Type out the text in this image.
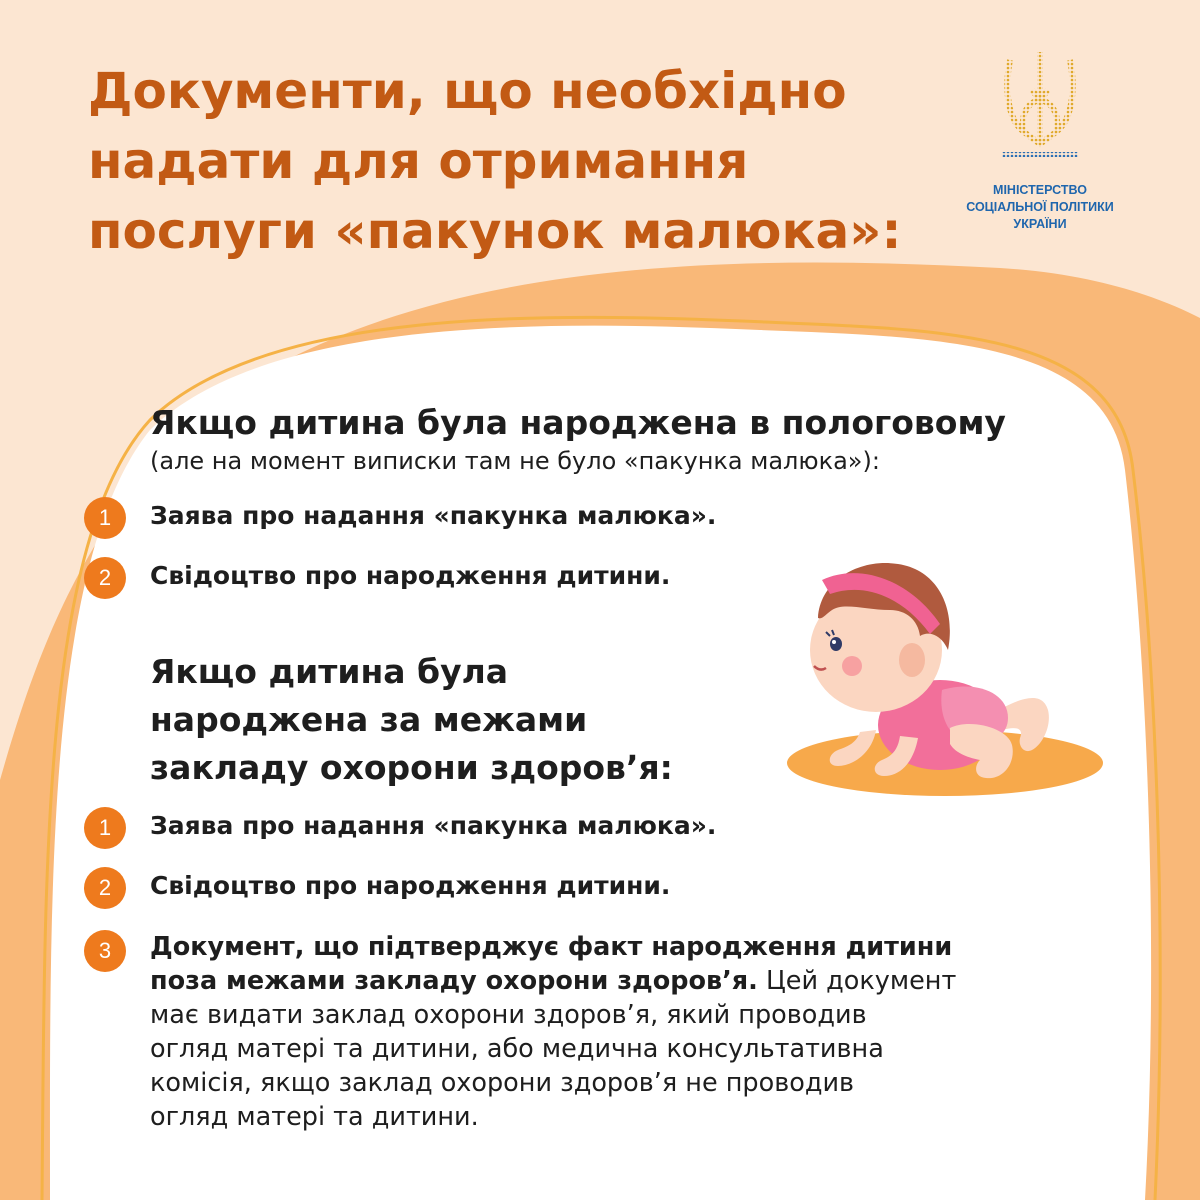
Документи, що необхідно
надати для отримання
послуги «пакунок малюка»:
МІНІСТЕРСТВО
СОЦІАЛЬНОЇ ПОЛІТИКИ
УКРАЇНИ
Якщо дитина була народжена в пологовому
(але на момент виписки там не було «пакунка малюка»):
1	Заява про надання «пакунка малюка».
2	Свідоцтво про народження дитини.
Якщо дитина була
народжена за межами
закладу охорони здоров’я:
1	Заява про надання «пакунка малюка».
2	Свідоцтво про народження дитини.
3	Документ, що підтверджує факт народження дитини
поза межами закладу охорони здоров’я. Цей документ
має видати заклад охорони здоров’я, який проводив
огляд матері та дитини, або медична консультативна
комісія, якщо заклад охорони здоров’я не проводив
огляд матері та дитини.
